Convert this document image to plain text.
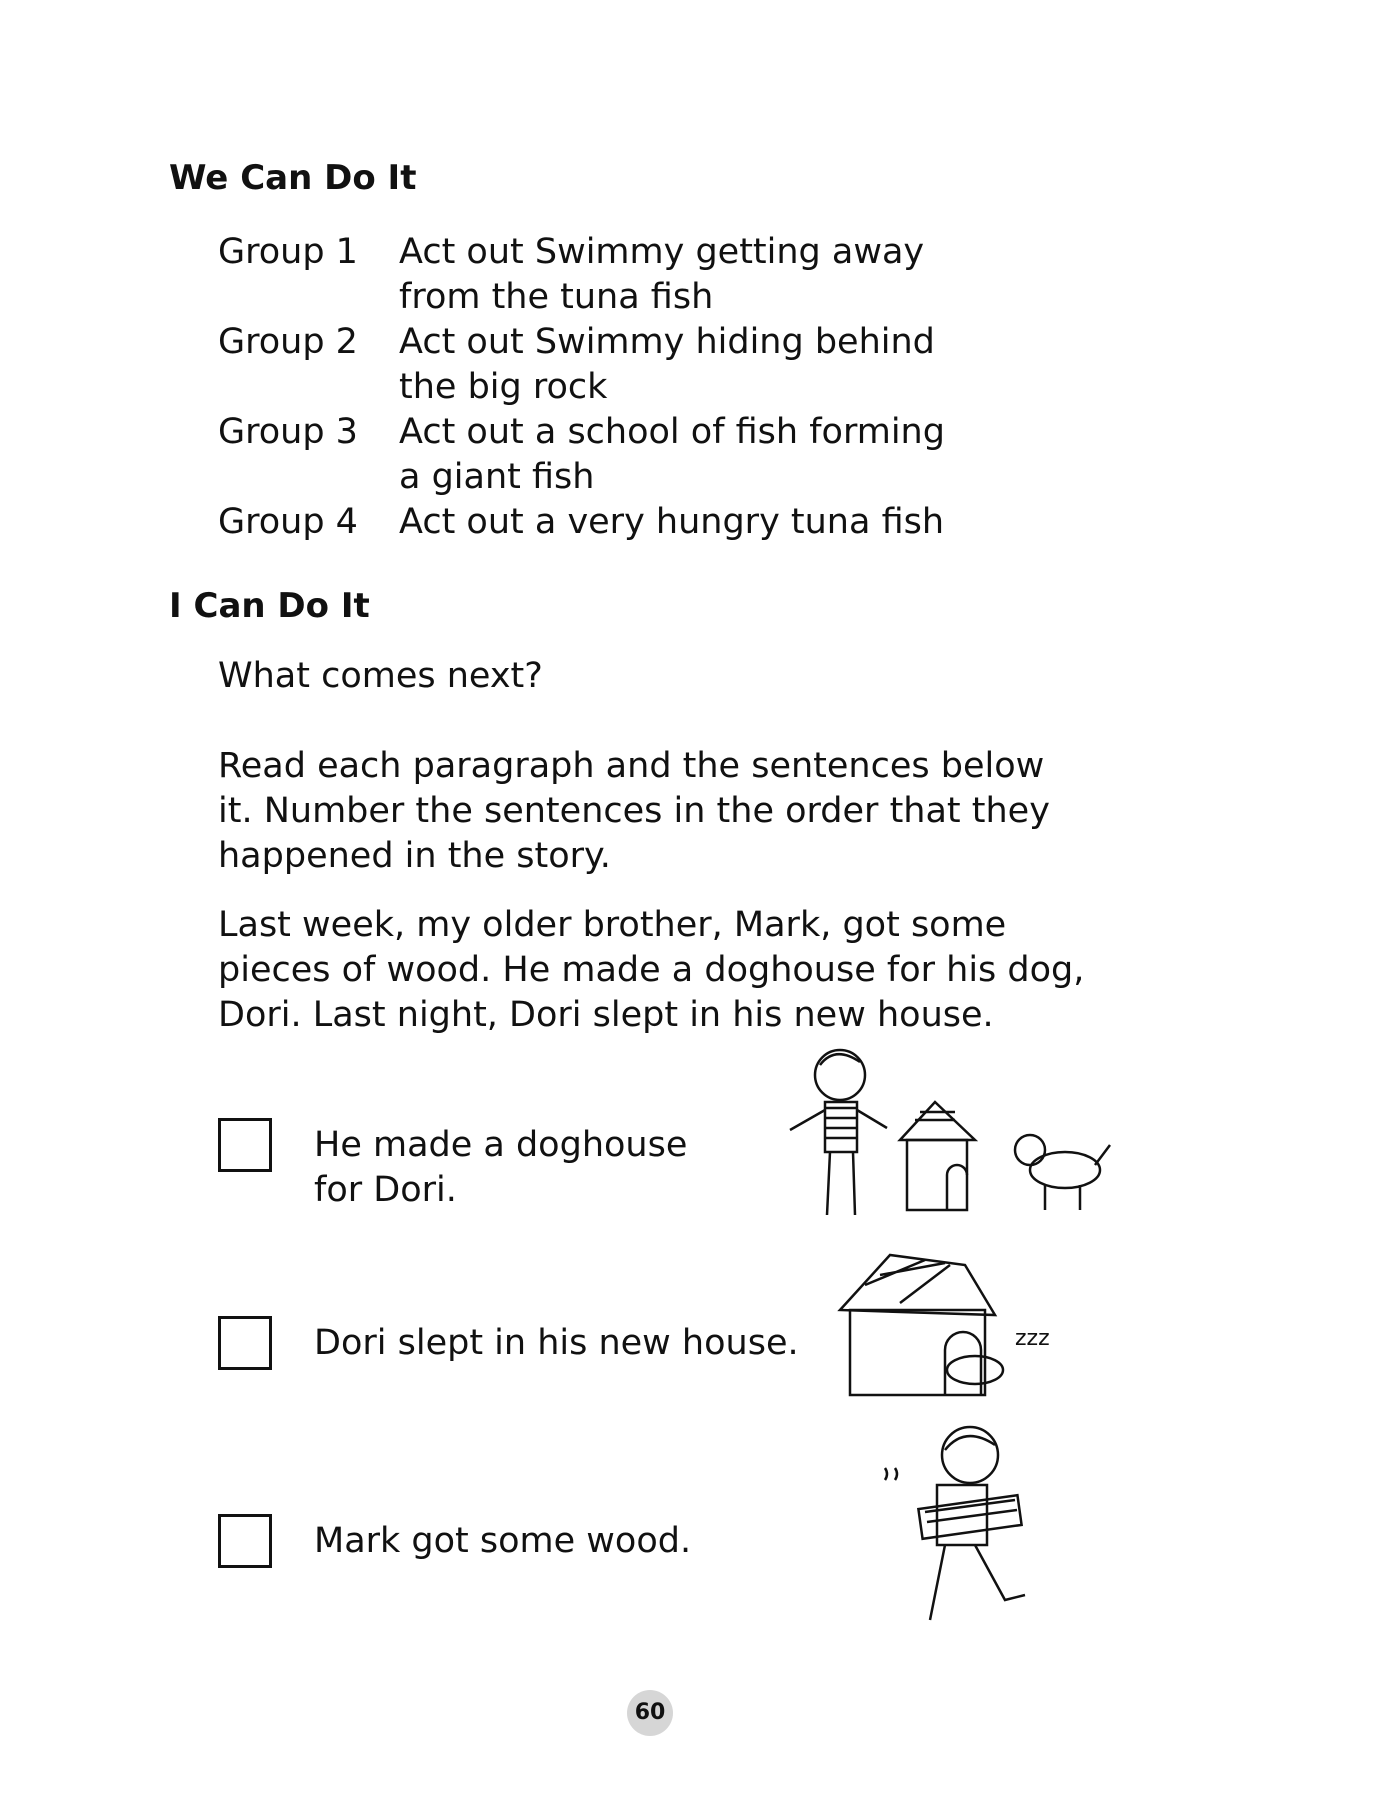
We Can Do It
Group 1 Act out Swimmy getting away
from the tuna fish
Group 2 Act out Swimmy hiding behind
the big rock
Group 3 Act out a school of fish forming
a giant fish
Group 4 Act out a very hungry tuna fish
I Can Do It
What comes next?
Read each paragraph and the sentences below
it. Number the sentences in the order that they
happened in the story.
Last week, my older brother, Mark, got some
pieces of wood. He made a doghouse for his dog,
Dori. Last night, Dori slept in his new house.
He made a doghouse
for Dori.
Dori slept in his new house.
Mark got some wood.
zzz
60
